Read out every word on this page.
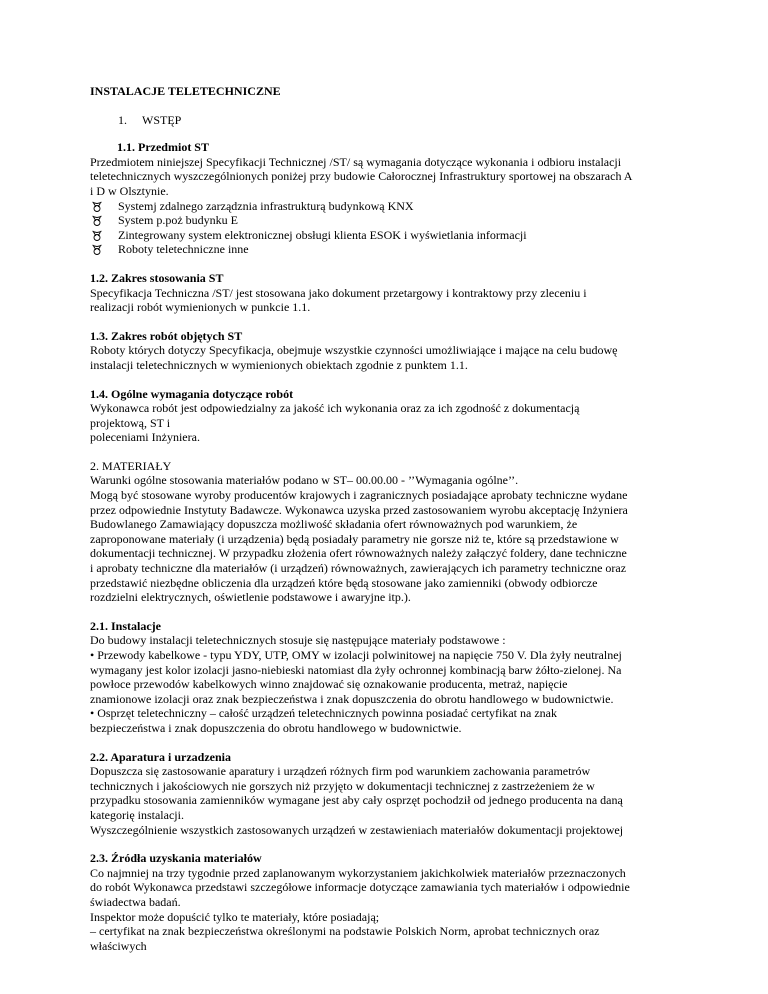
INSTALACJE TELETECHNICZNE

1. WSTĘP

1.1. Przedmiot ST

Przedmiotem niniejszej Specyfikacji Technicznej /ST/ są wymagania dotyczące wykonania i odbioru instalacji

teletechnicznych wyszczególnionych poniżej przy budowie Całorocznej Infrastruktury sportowej na obszarach A

i D w Olsztynie.

Systemj zdalnego zarządznia infrastrukturą budynkową KNX
System p.poż budynku E
Zintegrowany system elektronicznej obsługi klienta ESOK i wyświetlania informacji
Roboty teletechniczne inne

1.2. Zakres stosowania ST

Specyfikacja Techniczna /ST/ jest stosowana jako dokument przetargowy i kontraktowy przy zleceniu i

realizacji robót wymienionych w punkcie 1.1.

1.3. Zakres robót objętych ST

Roboty których dotyczy Specyfikacja, obejmuje wszystkie czynności umożliwiające i mające na celu budowę

instalacji teletechnicznych w wymienionych obiektach zgodnie z punktem 1.1.

1.4. Ogólne wymagania dotyczące robót

Wykonawca robót jest odpowiedzialny za jakość ich wykonania oraz za ich zgodność z dokumentacją

projektową, ST i

poleceniami Inżyniera.

2. MATERIAŁY

Warunki ogólne stosowania materiałów podano w ST– 00.00.00 - ’’Wymagania ogólne’’.

Mogą być stosowane wyroby producentów krajowych i zagranicznych posiadające aprobaty techniczne wydane

przez odpowiednie Instytuty Badawcze. Wykonawca uzyska przed zastosowaniem wyrobu akceptację Inżyniera

Budowlanego Zamawiający dopuszcza możliwość składania ofert równoważnych pod warunkiem, że

zaproponowane materiały (i urządzenia) będą posiadały parametry nie gorsze niż te, które są przedstawione w

dokumentacji technicznej. W przypadku złożenia ofert równoważnych należy załączyć foldery, dane techniczne

i aprobaty techniczne dla materiałów (i urządzeń) równoważnych, zawierających ich parametry techniczne oraz

przedstawić niezbędne obliczenia dla urządzeń które będą stosowane jako zamienniki (obwody odbiorcze

rozdzielni elektrycznych, oświetlenie podstawowe i awaryjne itp.).

2.1. Instalacje

Do budowy instalacji teletechnicznych stosuje się następujące materiały podstawowe :

• Przewody kabelkowe - typu YDY, UTP, OMY w izolacji polwinitowej na napięcie 750 V. Dla żyły neutralnej

wymagany jest kolor izolacji jasno-niebieski natomiast dla żyły ochronnej kombinacją barw żółto-zielonej. Na

powłoce przewodów kabelkowych winno znajdować się oznakowanie producenta, metraż, napięcie

znamionowe izolacji oraz znak bezpieczeństwa i znak dopuszczenia do obrotu handlowego w budownictwie.

• Osprzęt teletechniczny – całość urządzeń teletechnicznych powinna posiadać certyfikat na znak

bezpieczeństwa i znak dopuszczenia do obrotu handlowego w budownictwie.

2.2. Aparatura i urzadzenia

Dopuszcza się zastosowanie aparatury i urządzeń różnych firm pod warunkiem zachowania parametrów

technicznych i jakościowych nie gorszych niż przyjęto w dokumentacji technicznej z zastrzeżeniem że w

przypadku stosowania zamienników wymagane jest aby cały osprzęt pochodził od jednego producenta na daną

kategorię instalacji.

Wyszczególnienie wszystkich zastosowanych urządzeń w zestawieniach materiałów dokumentacji projektowej

2.3. Źródła uzyskania materiałów

Co najmniej na trzy tygodnie przed zaplanowanym wykorzystaniem jakichkolwiek materiałów przeznaczonych

do robót Wykonawca przedstawi szczegółowe informacje dotyczące zamawiania tych materiałów i odpowiednie

świadectwa badań.

Inspektor może dopuścić tylko te materiały, które posiadają;

– certyfikat na znak bezpieczeństwa określonymi na podstawie Polskich Norm, aprobat technicznych oraz

właściwych
